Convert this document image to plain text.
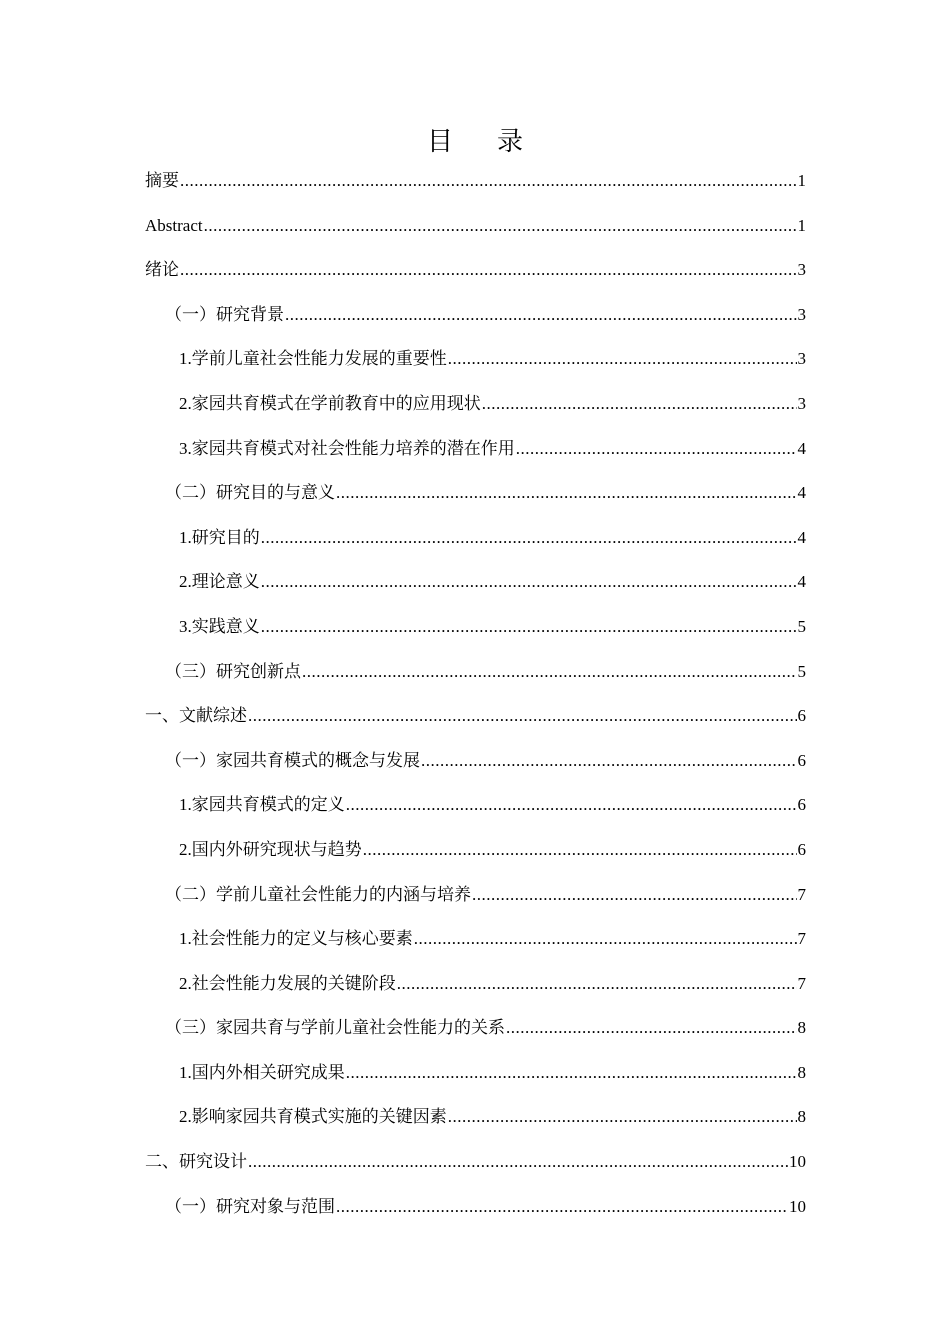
目录
摘要 .....	1
Abstract .....	1
绪论 .....	3
（一）研究背景 .....	3
1.学前儿童社会性能力发展的重要性 .....	3
2.家园共育模式在学前教育中的应用现状 .....	3
3.家园共育模式对社会性能力培养的潜在作用 .....	4
（二）研究目的与意义 .....	4
1.研究目的 .....	4
2.理论意义 .....	4
3.实践意义 .....	5
（三）研究创新点 .....	5
一、文献综述 .....	6
（一）家园共育模式的概念与发展 .....	6
1.家园共育模式的定义 .....	6
2.国内外研究现状与趋势 .....	6
（二）学前儿童社会性能力的内涵与培养 .....	7
1.社会性能力的定义与核心要素 .....	7
2.社会性能力发展的关键阶段 .....	7
（三）家园共育与学前儿童社会性能力的关系 .....	8
1.国内外相关研究成果 .....	8
2.影响家园共育模式实施的关键因素 .....	8
二、研究设计 .....	10
（一）研究对象与范围 .....	10
